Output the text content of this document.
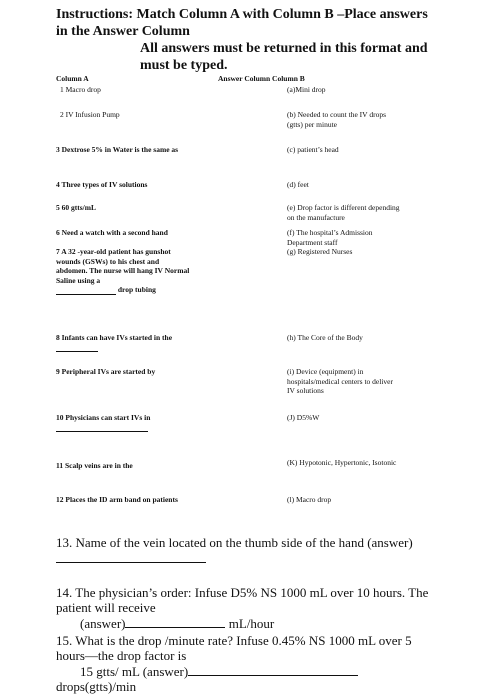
Instructions: Match Column A with Column B –Place answers in the Answer Column
All answers must be returned in this format and must be typed.
Column A	Answer Column Column B
1 Macro drop
2 IV Infusion Pump
3 Dextrose 5% in Water is the same as
4 Three types of IV solutions
5 60 gtts/mL
6 Need a watch with a second hand
7 A 32 -year-old patient has gunshot wounds (GSWs) to his chest and abdomen. The nurse will hang IV Normal Saline using a
drop tubing
8 Infants can have IVs started in the
9 Peripheral IVs are started by
10 Physicians can start IVs in

11 Scalp veins are in the
12 Places the ID arm band on patients
(a)Mini drop
(b) Needed to count the IV drops (gtts) per minute
(c) patient’s head
(d) feet
(e) Drop factor is different depending on the manufacture
(f) The hospital’s Admission Department staff
(g) Registered Nurses
(h) The Core of the Body
(i) Device (equipment) in hospitals/medical centers to deliver IV solutions
(J) D5%W
(K) Hypotonic, Hypertonic, Isotonic
(l) Macro drop
13. Name of the vein located on the thumb side of the hand (answer)
14. The physician’s order: Infuse D5% NS 1000 mL over 10 hours. The patient will receive
(answer)	mL/hour
15. What is the drop /minute rate? Infuse 0.45% NS 1000 mL over 5 hours—the drop factor is
15 gtts/ mL (answer)
drops(gtts)/min
